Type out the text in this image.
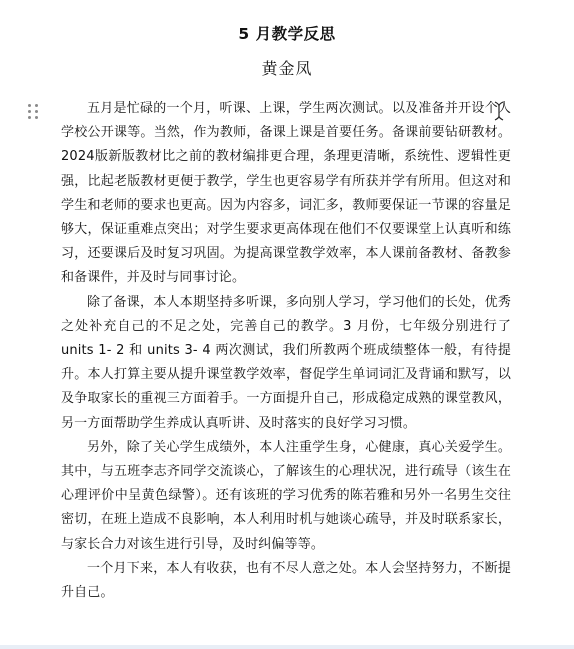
5 月教学反思
黄金凤

五月是忙碌的一个月，听课、上课，学生两次测试。以及准备并开设个人学校公开课等。当然，作为教师，备课上课是首要任务。备课前要钻研教材。2024版新版教材比之前的教材编排更合理，条理更清晰，系统性、逻辑性更强，比起老版教材更便于教学，学生也更容易学有所获并学有所用。但这对和学生和老师的要求也更高。因为内容多，词汇多，教师要保证一节课的容量足够大，保证重难点突出；对学生要求更高体现在他们不仅要课堂上认真听和练习，还要课后及时复习巩固。为提高课堂教学效率，本人课前备教材、备教参和备课件，并及时与同事讨论。

除了备课，本人本期坚持多听课，多向别人学习，学习他们的长处，优秀之处补充自己的不足之处，完善自己的教学。3 月份，七年级分别进行了 units 1- 2 和 units 3- 4 两次测试，我们所教两个班成绩整体一般，有待提升。本人打算主要从提升课堂教学效率，督促学生单词词汇及背诵和默写，以及争取家长的重视三方面着手。一方面提升自己，形成稳定成熟的课堂教风，另一方面帮助学生养成认真听讲、及时落实的良好学习习惯。

另外，除了关心学生成绩外，本人注重学生身，心健康，真心关爱学生。其中，与五班李志齐同学交流谈心，了解该生的心理状况，进行疏导（该生在心理评价中呈黄色绿警）。还有该班的学习优秀的陈若雅和另外一名男生交往密切，在班上造成不良影响，本人利用时机与她谈心疏导，并及时联系家长，与家长合力对该生进行引导，及时纠偏等等。

一个月下来，本人有收获，也有不尽人意之处。本人会坚持努力，不断提升自己。
